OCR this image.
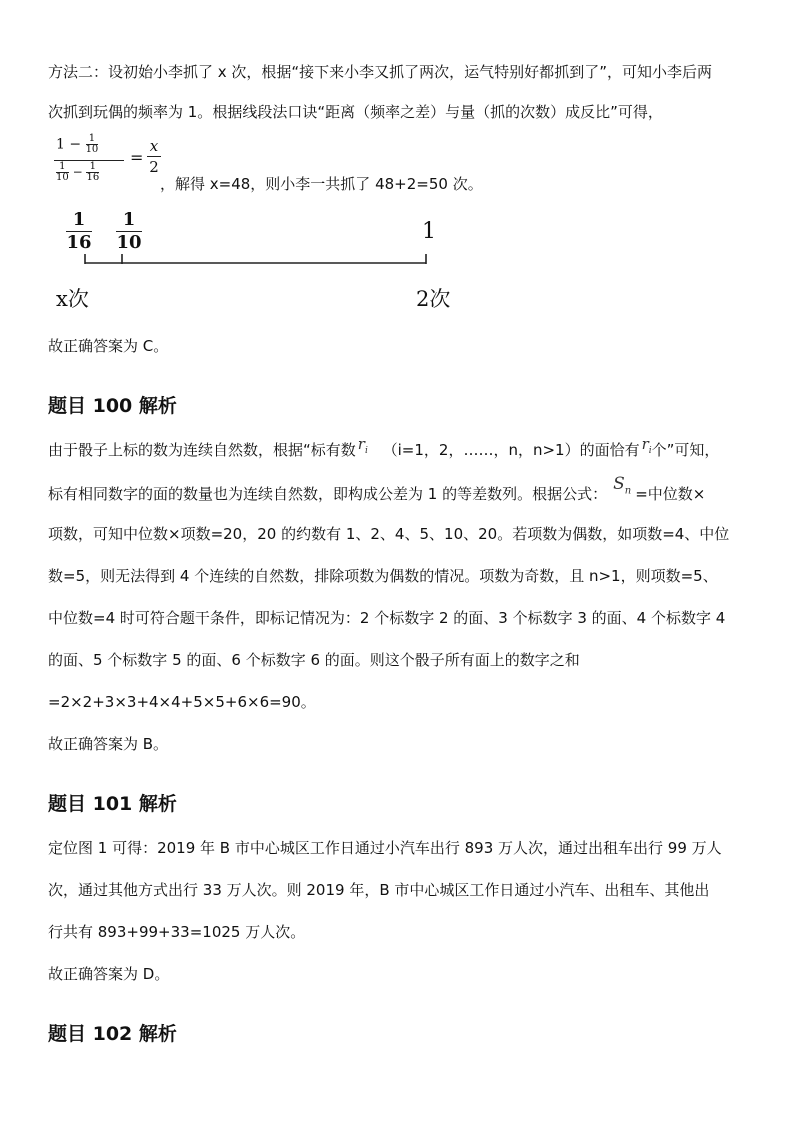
方法二：设初始小李抓了 x 次，根据“接下来小李又抓了两次，运气特别好都抓到了”，可知小李后两
次抓到玩偶的频率为 1。根据线段法口诀“距离（频率之差）与量（抓的次数）成反比”可得，
$1 - \frac{1}{10}$
$\frac{1}{10} - \frac{1}{16}$
= $\frac{x}{2}$
，解得 x=48，则小李一共抓了 48+2=50 次。
1
16
1
10	1
x次	2次
故正确答案为 C。
题目 100 解析
由于骰子上标的数为连续自然数，根据“标有数 $r_i$ （i=1，2，……，n，n>1）的面恰有 $r_i$个”可知，
标有相同数字的面的数量也为连续自然数，即构成公差为 1 的等差数列。根据公式： $S_n$ =中位数×
项数，可知中位数×项数=20，20 的约数有 1、2、4、5、10、20。若项数为偶数，如项数=4、中位
数=5，则无法得到 4 个连续的自然数，排除项数为偶数的情况。项数为奇数，且 n>1，则项数=5、
中位数=4 时可符合题干条件，即标记情况为：2 个标数字 2 的面、3 个标数字 3 的面、4 个标数字 4
的面、5 个标数字 5 的面、6 个标数字 6 的面。则这个骰子所有面上的数字之和
=2×2+3×3+4×4+5×5+6×6=90。
故正确答案为 B。
题目 101 解析
定位图 1 可得：2019 年 B 市中心城区工作日通过小汽车出行 893 万人次，通过出租车出行 99 万人
次，通过其他方式出行 33 万人次。则 2019 年，B 市中心城区工作日通过小汽车、出租车、其他出
行共有 893+99+33=1025 万人次。
故正确答案为 D。
题目 102 解析
